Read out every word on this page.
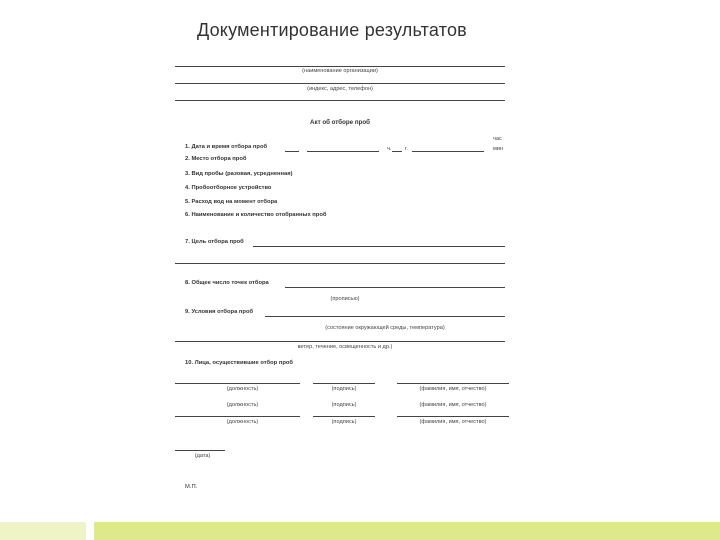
Документирование результатов
(наименование организации)
(индекс, адрес, телефон)
Акт об отборе проб
1. Дата и время отбора проб	ч. г.
час
мин
2. Место отбора проб
3. Вид пробы (разовая, усредненная)
4. Пробоотборное устройство
5. Расход вод на момент отбора
6. Наименование и количество отобранных проб
7. Цель отбора проб
8. Общее число точек отбора
(прописью)
9. Условия отбора проб
(состояние окружающей среды, температура)
ветер, течение, освещенность и др.)
10. Лица, осуществившие отбор проб
(должность)	(подпись)	(фамилия, имя, отчество)
(должность)	(подпись)	(фамилия, имя, отчество)
(должность)	(подпись)	(фамилия, имя, отчество)
(дата)
М.П.
